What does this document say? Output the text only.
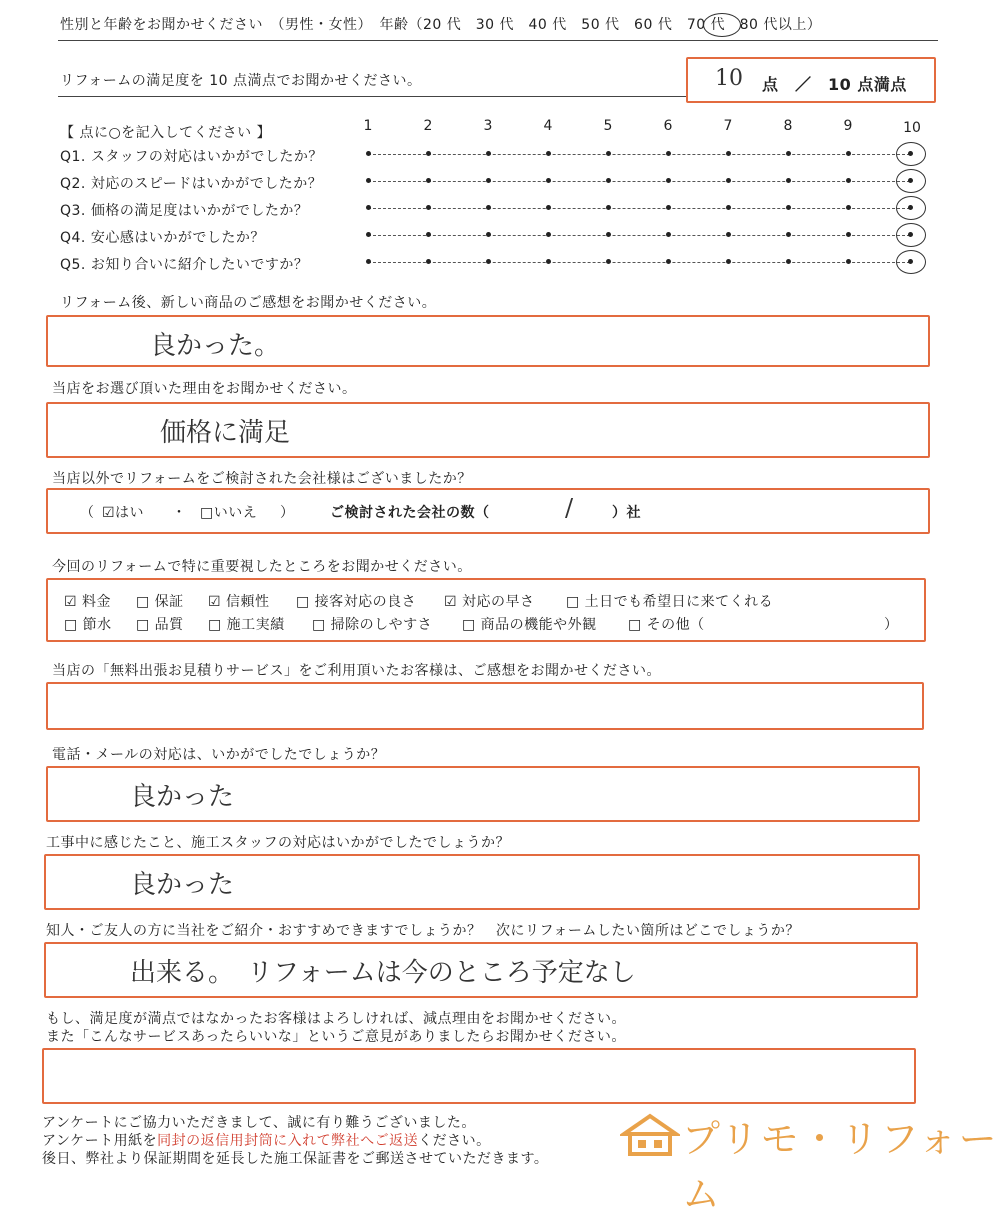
性別と年齢をお聞かせください　（男性・女性）　年齢（20 代　30 代　40 代　50 代　60 代　70 代　80 代以上）
リフォームの満足度を 10 点満点でお聞かせください。	10 点　／　10 点満点
【 点に○を記入してください 】	1	2	3	4	5	6	7	8	9	10
Q1. スタッフの対応はいかがでしたか？
Q2. 対応のスピードはいかがでしたか？
Q3. 価格の満足度はいかがでしたか？
Q4. 安心感はいかがでしたか？
Q5. お知り合いに紹介したいですか？
リフォーム後、新しい商品のご感想をお聞かせください。
良かった。
当店をお選び頂いた理由をお聞かせください。
価格に満足
当店以外でリフォームをご検討された会社様はございましたか？
（ ☑はい ・ □いいえ ）	ご検討された会社の数（	/	）社
今回のリフォームで特に重要視したところをお聞かせください。
☑ 料金 □ 保証 ☑ 信頼性 □ 接客対応の良さ ☑ 対応の早さ □ 土日でも希望日に来てくれる
□ 節水 □ 品質 □ 施工実績 □ 掃除のしやすさ □ 商品の機能や外観 □ その他（	）
当店の「無料出張お見積りサービス」をご利用頂いたお客様は、ご感想をお聞かせください。
電話・メールの対応は、いかがでしたでしょうか？
良かった
工事中に感じたこと、施工スタッフの対応はいかがでしたでしょうか？
良かった
知人・ご友人の方に当社をご紹介・おすすめできますでしょうか？　次にリフォームしたい箇所はどこでしょうか？
出来る。　リフォームは今のところ予定なし
もし、満足度が満点ではなかったお客様はよろしければ、減点理由をお聞かせください。
また「こんなサービスあったらいいな」というご意見がありましたらお聞かせください。
アンケートにご協力いただきまして、誠に有り難うございました。
アンケート用紙を同封の返信用封筒に入れて弊社へご返送ください。
後日、弊社より保証期間を延長した施工保証書をご郵送させていただきます。	プリモ・リフォーム
